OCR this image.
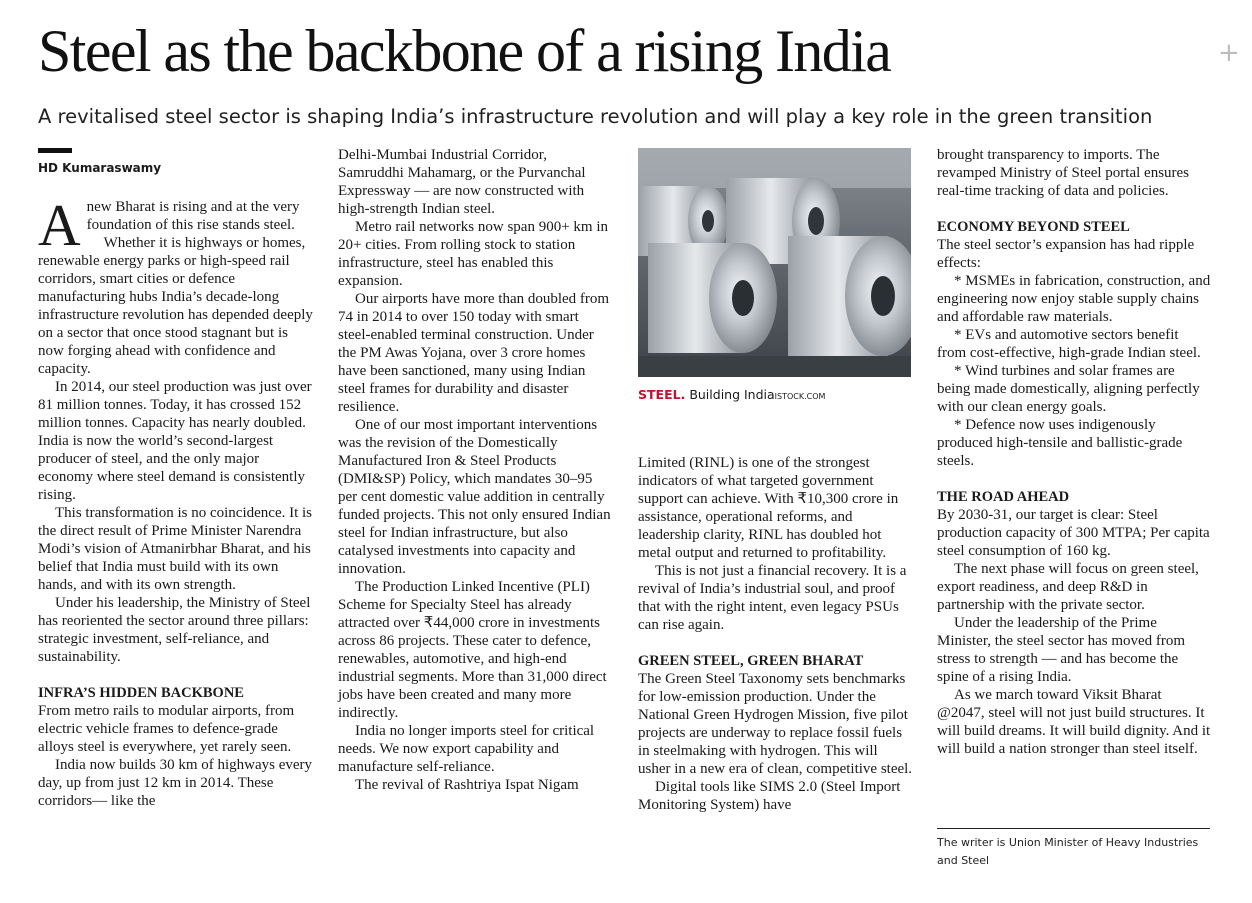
Steel as the backbone of a rising India	+
A revitalised steel sector is shaping India’s infrastructure revolution and will play a key role in the green transition
HD Kumaraswamy

Anew Bharat is rising and at the very foundation of this rise stands steel.

Whether it is highways or homes, renewable energy parks or high-speed rail corridors, smart cities or defence manufacturing hubs India’s decade-long infrastructure revolution has depended deeply on a sector that once stood stagnant but is now forging ahead with confidence and capacity.

In 2014, our steel production was just over 81 million tonnes. Today, it has crossed 152 million tonnes. Capacity has nearly doubled. India is now the world’s second-largest producer of steel, and the only major economy where steel demand is consistently rising.

This transformation is no coincidence. It is the direct result of Prime Minister Narendra Modi’s vision of Atmanirbhar Bharat, and his belief that India must build with its own hands, and with its own strength.

Under his leadership, the Ministry of Steel has reoriented the sector around three pillars: strategic investment, self-reliance, and sustainability.

INFRA’S HIDDEN BACKBONE

From metro rails to modular airports, from electric vehicle frames to defence-grade alloys steel is everywhere, yet rarely seen.

India now builds 30 km of highways every day, up from just 12 km in 2014. These corridors— like the

Delhi-Mumbai Industrial Corridor, Samruddhi Mahamarg, or the Purvanchal Expressway — are now constructed with high-strength Indian steel.

Metro rail networks now span 900+ km in 20+ cities. From rolling stock to station infrastructure, steel has enabled this expansion.

Our airports have more than doubled from 74 in 2014 to over 150 today with smart steel-enabled terminal construction. Under the PM Awas Yojana, over 3 crore homes have been sanctioned, many using Indian steel frames for durability and disaster resilience.

One of our most important interventions was the revision of the Domestically Manufactured Iron & Steel Products (DMI&SP) Policy, which mandates 30–95 per cent domestic value addition in centrally funded projects. This not only ensured Indian steel for Indian infrastructure, but also catalysed investments into capacity and innovation.

The Production Linked Incentive (PLI) Scheme for Specialty Steel has already attracted over ₹44,000 crore in investments across 86 projects. These cater to defence, renewables, automotive, and high-end industrial segments. More than 31,000 direct jobs have been created and many more indirectly.

India no longer imports steel for critical needs. We now export capability and manufacture self-reliance.

The revival of Rashtriya Ispat Nigam

STEEL. Building IndiaISTOCK.COM

Limited (RINL) is one of the strongest indicators of what targeted government support can achieve. With ₹10,300 crore in assistance, operational reforms, and leadership clarity, RINL has doubled hot metal output and returned to profitability.

This is not just a financial recovery. It is a revival of India’s industrial soul, and proof that with the right intent, even legacy PSUs can rise again.

GREEN STEEL, GREEN BHARAT

The Green Steel Taxonomy sets benchmarks for low-emission production. Under the National Green Hydrogen Mission, five pilot projects are underway to replace fossil fuels in steelmaking with hydrogen. This will usher in a new era of clean, competitive steel.

Digital tools like SIMS 2.0 (Steel Import Monitoring System) have

brought transparency to imports. The revamped Ministry of Steel portal ensures real-time tracking of data and policies.

ECONOMY BEYOND STEEL

The steel sector’s expansion has had ripple effects:

* MSMEs in fabrication, construction, and engineering now enjoy stable supply chains and affordable raw materials.

* EVs and automotive sectors benefit from cost-effective, high-grade Indian steel.

* Wind turbines and solar frames are being made domestically, aligning perfectly with our clean energy goals.

* Defence now uses indigenously produced high-tensile and ballistic-grade steels.

THE ROAD AHEAD

By 2030-31, our target is clear: Steel production capacity of 300 MTPA; Per capita steel consumption of 160 kg.

The next phase will focus on green steel, export readiness, and deep R&D in partnership with the private sector.

Under the leadership of the Prime Minister, the steel sector has moved from stress to strength — and has become the spine of a rising India.

As we march toward Viksit Bharat @2047, steel will not just build structures. It will build dreams. It will build dignity. And it will build a nation stronger than steel itself.

The writer is Union Minister of Heavy Industries and Steel
